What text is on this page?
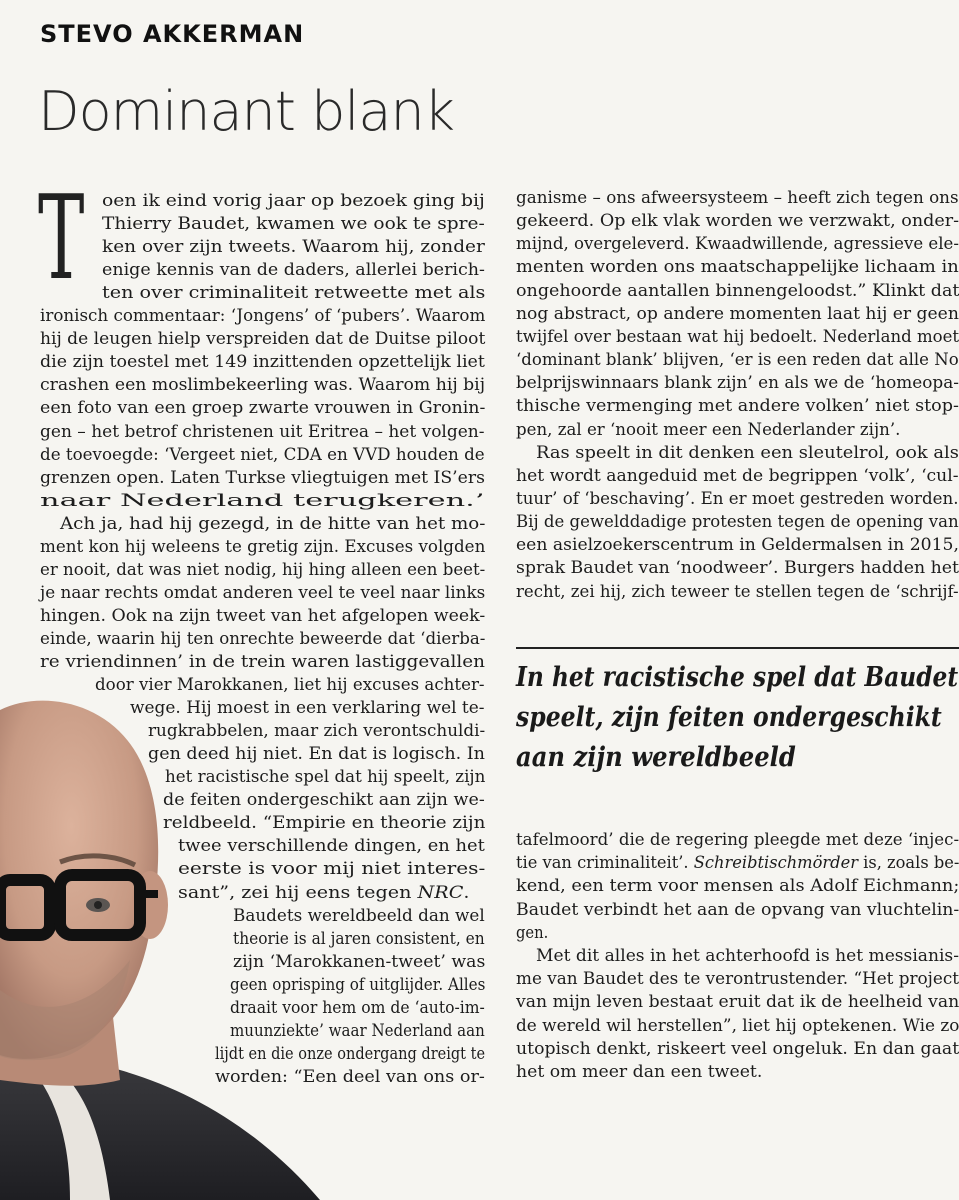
STEVO AKKERMAN
Dominant blank
T oen ik eind vorig jaar op bezoek ging bij
Thierry Baudet, kwamen we ook te spre-
ken over zijn tweets. Waarom hij, zonder
enige kennis van de daders, allerlei berich-
ten over criminaliteit retweette met als
ironisch commentaar: ‘Jongens’ of ‘pubers’. Waarom
hij de leugen hielp verspreiden dat de Duitse piloot
die zijn toestel met 149 inzittenden opzettelijk liet
crashen een moslimbekeerling was. Waarom hij bij
een foto van een groep zwarte vrouwen in Gronin-
gen – het betrof christenen uit Eritrea – het volgen-
de toevoegde: ‘Vergeet niet, CDA en VVD houden de
grenzen open. Laten Turkse vliegtuigen met IS’ers
naar Nederland terugkeren.’
Ach ja, had hij gezegd, in de hitte van het mo-
ment kon hij weleens te gretig zijn. Excuses volgden
er nooit, dat was niet nodig, hij hing alleen een beet-
je naar rechts omdat anderen veel te veel naar links
hingen. Ook na zijn tweet van het afgelopen week-
einde, waarin hij ten onrechte beweerde dat ‘dierba-
re vriendinnen’ in de trein waren lastiggevallen
door vier Marokkanen, liet hij excuses achter-
wege. Hij moest in een verklaring wel te-
rugkrabbelen, maar zich verontschuldi-
gen deed hij niet. En dat is logisch. In
het racistische spel dat hij speelt, zijn
de feiten ondergeschikt aan zijn we-
reldbeeld. “Empirie en theorie zijn
twee verschillende dingen, en het
eerste is voor mij niet interes-
sant”, zei hij eens tegen NRC.
Baudets wereldbeeld dan wel
theorie is al jaren consistent, en
zijn ‘Marokkanen-tweet’ was
geen oprisping of uitglijder. Alles
draait voor hem om de ‘auto-im-
muunziekte’ waar Nederland aan
lijdt en die onze ondergang dreigt te
worden: “Een deel van ons or-
ganisme – ons afweersysteem – heeft zich tegen ons
gekeerd. Op elk vlak worden we verzwakt, onder-
mijnd, overgeleverd. Kwaadwillende, agressieve ele-
menten worden ons maatschappelijke lichaam in
ongehoorde aantallen binnengeloodst.” Klinkt dat
nog abstract, op andere momenten laat hij er geen
twijfel over bestaan wat hij bedoelt. Nederland moet
‘dominant blank’ blijven, ‘er is een reden dat alle No
belprijswinnaars blank zijn’ en als we de ‘homeopa-
thische vermenging met andere volken’ niet stop-
pen, zal er ‘nooit meer een Nederlander zijn’.
Ras speelt in dit denken een sleutelrol, ook als
het wordt aangeduid met de begrippen ‘volk’, ‘cul-
tuur’ of ‘beschaving’. En er moet gestreden worden.
Bij de gewelddadige protesten tegen de opening van
een asielzoekerscentrum in Geldermalsen in 2015,
sprak Baudet van ‘noodweer’. Burgers hadden het
recht, zei hij, zich teweer te stellen tegen de ‘schrijf-
In het racistische spel dat Baudet
speelt, zijn feiten ondergeschikt
aan zijn wereldbeeld
tafelmoord’ die de regering pleegde met deze ‘injec-
tie van criminaliteit’. Schreibtischmörder is, zoals be-
kend, een term voor mensen als Adolf Eichmann;
Baudet verbindt het aan de opvang van vluchtelin-
gen.
Met dit alles in het achterhoofd is het messianis-
me van Baudet des te verontrustender. “Het project
van mijn leven bestaat eruit dat ik de heelheid van
de wereld wil herstellen”, liet hij optekenen. Wie zo
utopisch denkt, riskeert veel ongeluk. En dan gaat
het om meer dan een tweet.
